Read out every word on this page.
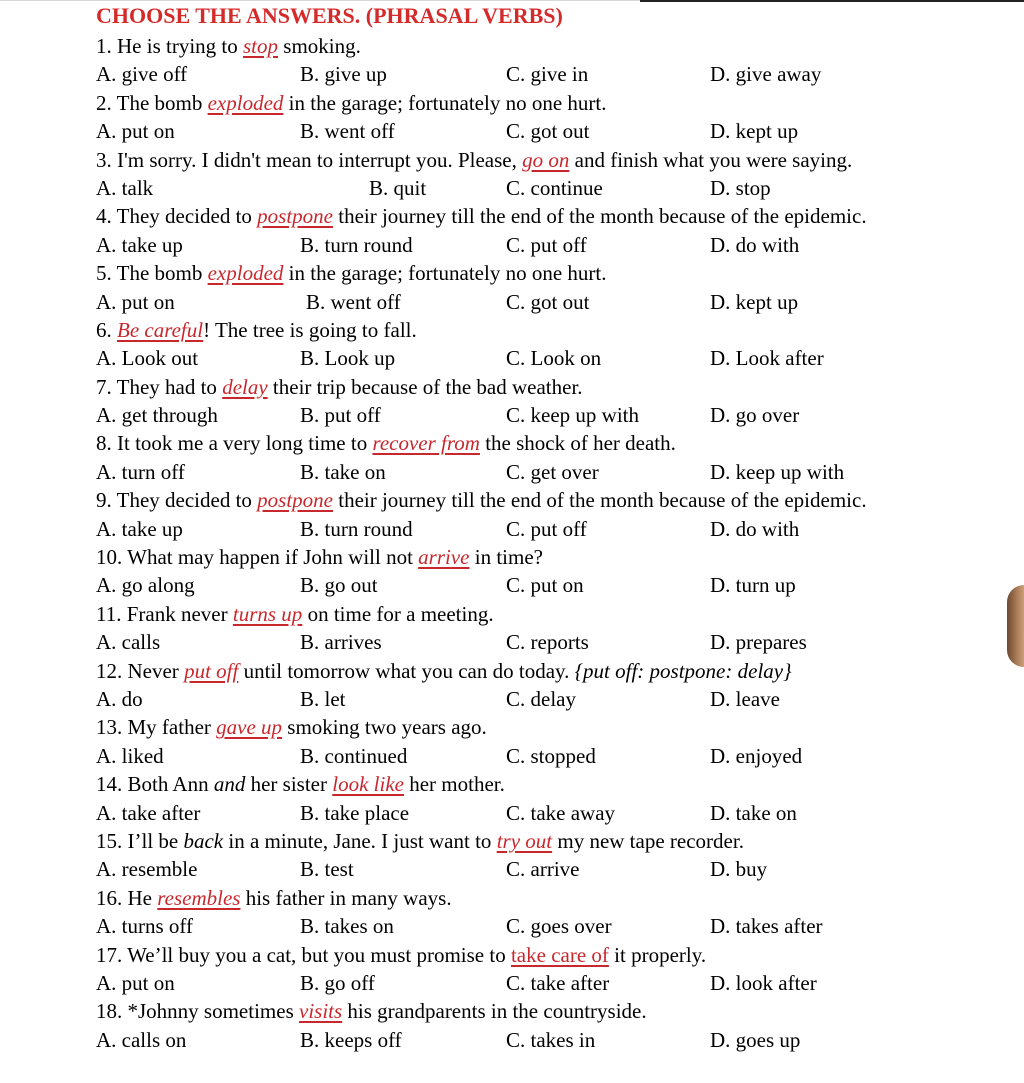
CHOOSE THE ANSWERS. (PHRASAL VERBS)
1. He is trying to stop smoking.
A. give off	B. give up	C. give in	D. give away
2. The bomb exploded in the garage; fortunately no one hurt.
A. put on	B. went off	C. got out	D. kept up
3. I'm sorry. I didn't mean to interrupt you. Please, go on and finish what you were saying.
A. talk	B. quit	C. continue	D. stop
4. They decided to postpone their journey till the end of the month because of the epidemic.
A. take up	B. turn round	C. put off	D. do with
5. The bomb exploded in the garage; fortunately no one hurt.
A. put on	B. went off	C. got out	D. kept up
6. Be careful! The tree is going to fall.
A. Look out	B. Look up	C. Look on	D. Look after
7. They had to delay their trip because of the bad weather.
A. get through	B. put off	C. keep up with	D. go over
8. It took me a very long time to recover from the shock of her death.
A. turn off	B. take on	C. get over	D. keep up with
9. They decided to postpone their journey till the end of the month because of the epidemic.
A. take up	B. turn round	C. put off	D. do with
10. What may happen if John will not arrive in time?
A. go along	B. go out	C. put on	D. turn up
11. Frank never turns up on time for a meeting.
A. calls	B. arrives	C. reports	D. prepares
12. Never put off until tomorrow what you can do today. {put off: postpone: delay}
A. do	B. let	C. delay	D. leave
13. My father gave up smoking two years ago.
A. liked	B. continued	C. stopped	D. enjoyed
14. Both Ann and her sister look like her mother.
A. take after	B. take place	C. take away	D. take on
15. I’ll be back in a minute, Jane. I just want to try out my new tape recorder.
A. resemble	B. test	C. arrive	D. buy
16. He resembles his father in many ways.
A. turns off	B. takes on	C. goes over	D. takes after
17. We’ll buy you a cat, but you must promise to take care of it properly.
A. put on	B. go off	C. take after	D. look after
18. *Johnny sometimes visits his grandparents in the countryside.
A. calls on	B. keeps off	C. takes in	D. goes up
